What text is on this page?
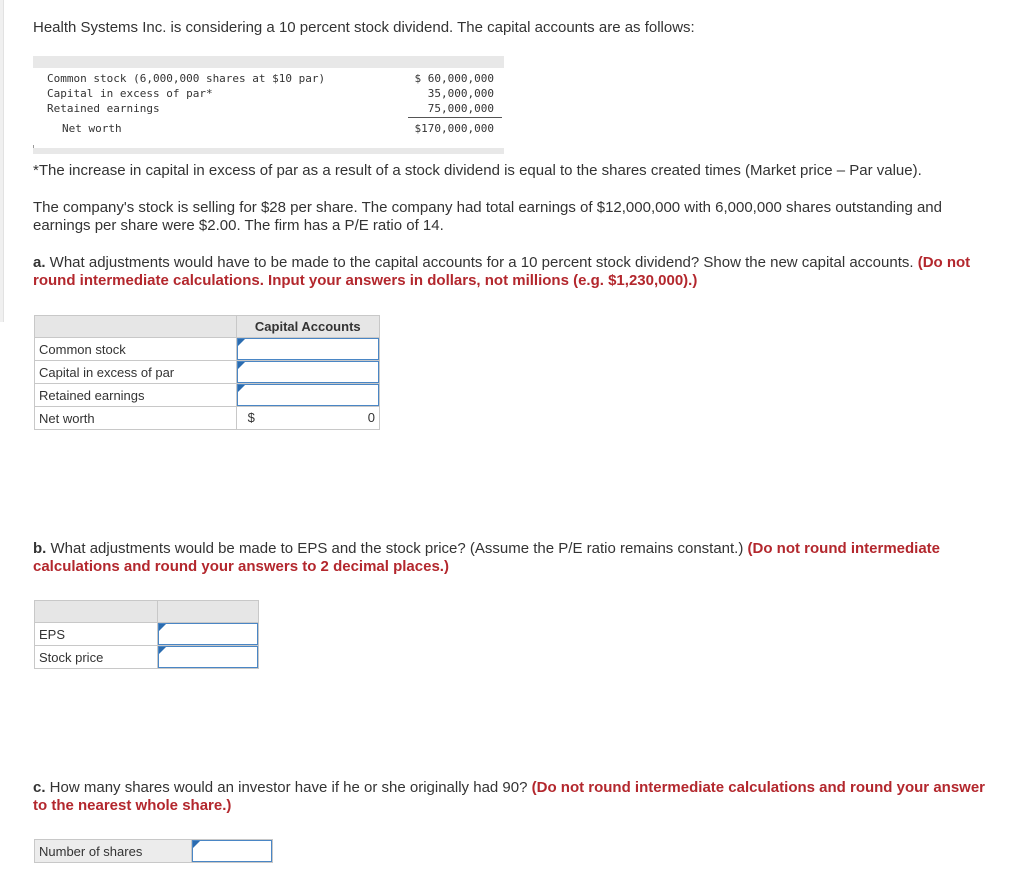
Health Systems Inc. is considering a 10 percent stock dividend. The capital accounts are as follows:

Common stock (6,000,000 shares at $10 par)	$ 60,000,000
Capital in excess of par*	35,000,000
Retained earnings	75,000,000
Net worth	$170,000,000

*The increase in capital in excess of par as a result of a stock dividend is equal to the shares created times (Market price – Par value).

The company's stock is selling for $28 per share. The company had total earnings of $12,000,000 with 6,000,000 shares outstanding and earnings per share were $2.00. The firm has a P/E ratio of 14.

a. What adjustments would have to be made to the capital accounts for a 10 percent stock dividend? Show the new capital accounts. (Do not round intermediate calculations. Input your answers in dollars, not millions (e.g. $1,230,000).)

	Capital Accounts
Common stock	

Capital in excess of par	

Retained earnings	

Net worth	$ 0

b. What adjustments would be made to EPS and the stock price? (Assume the P/E ratio remains constant.) (Do not round intermediate calculations and round your answers to 2 decimal places.)

EPS	

Stock price	

c. How many shares would an investor have if he or she originally had 90? (Do not round intermediate calculations and round your answer to the nearest whole share.)

Number of shares	
